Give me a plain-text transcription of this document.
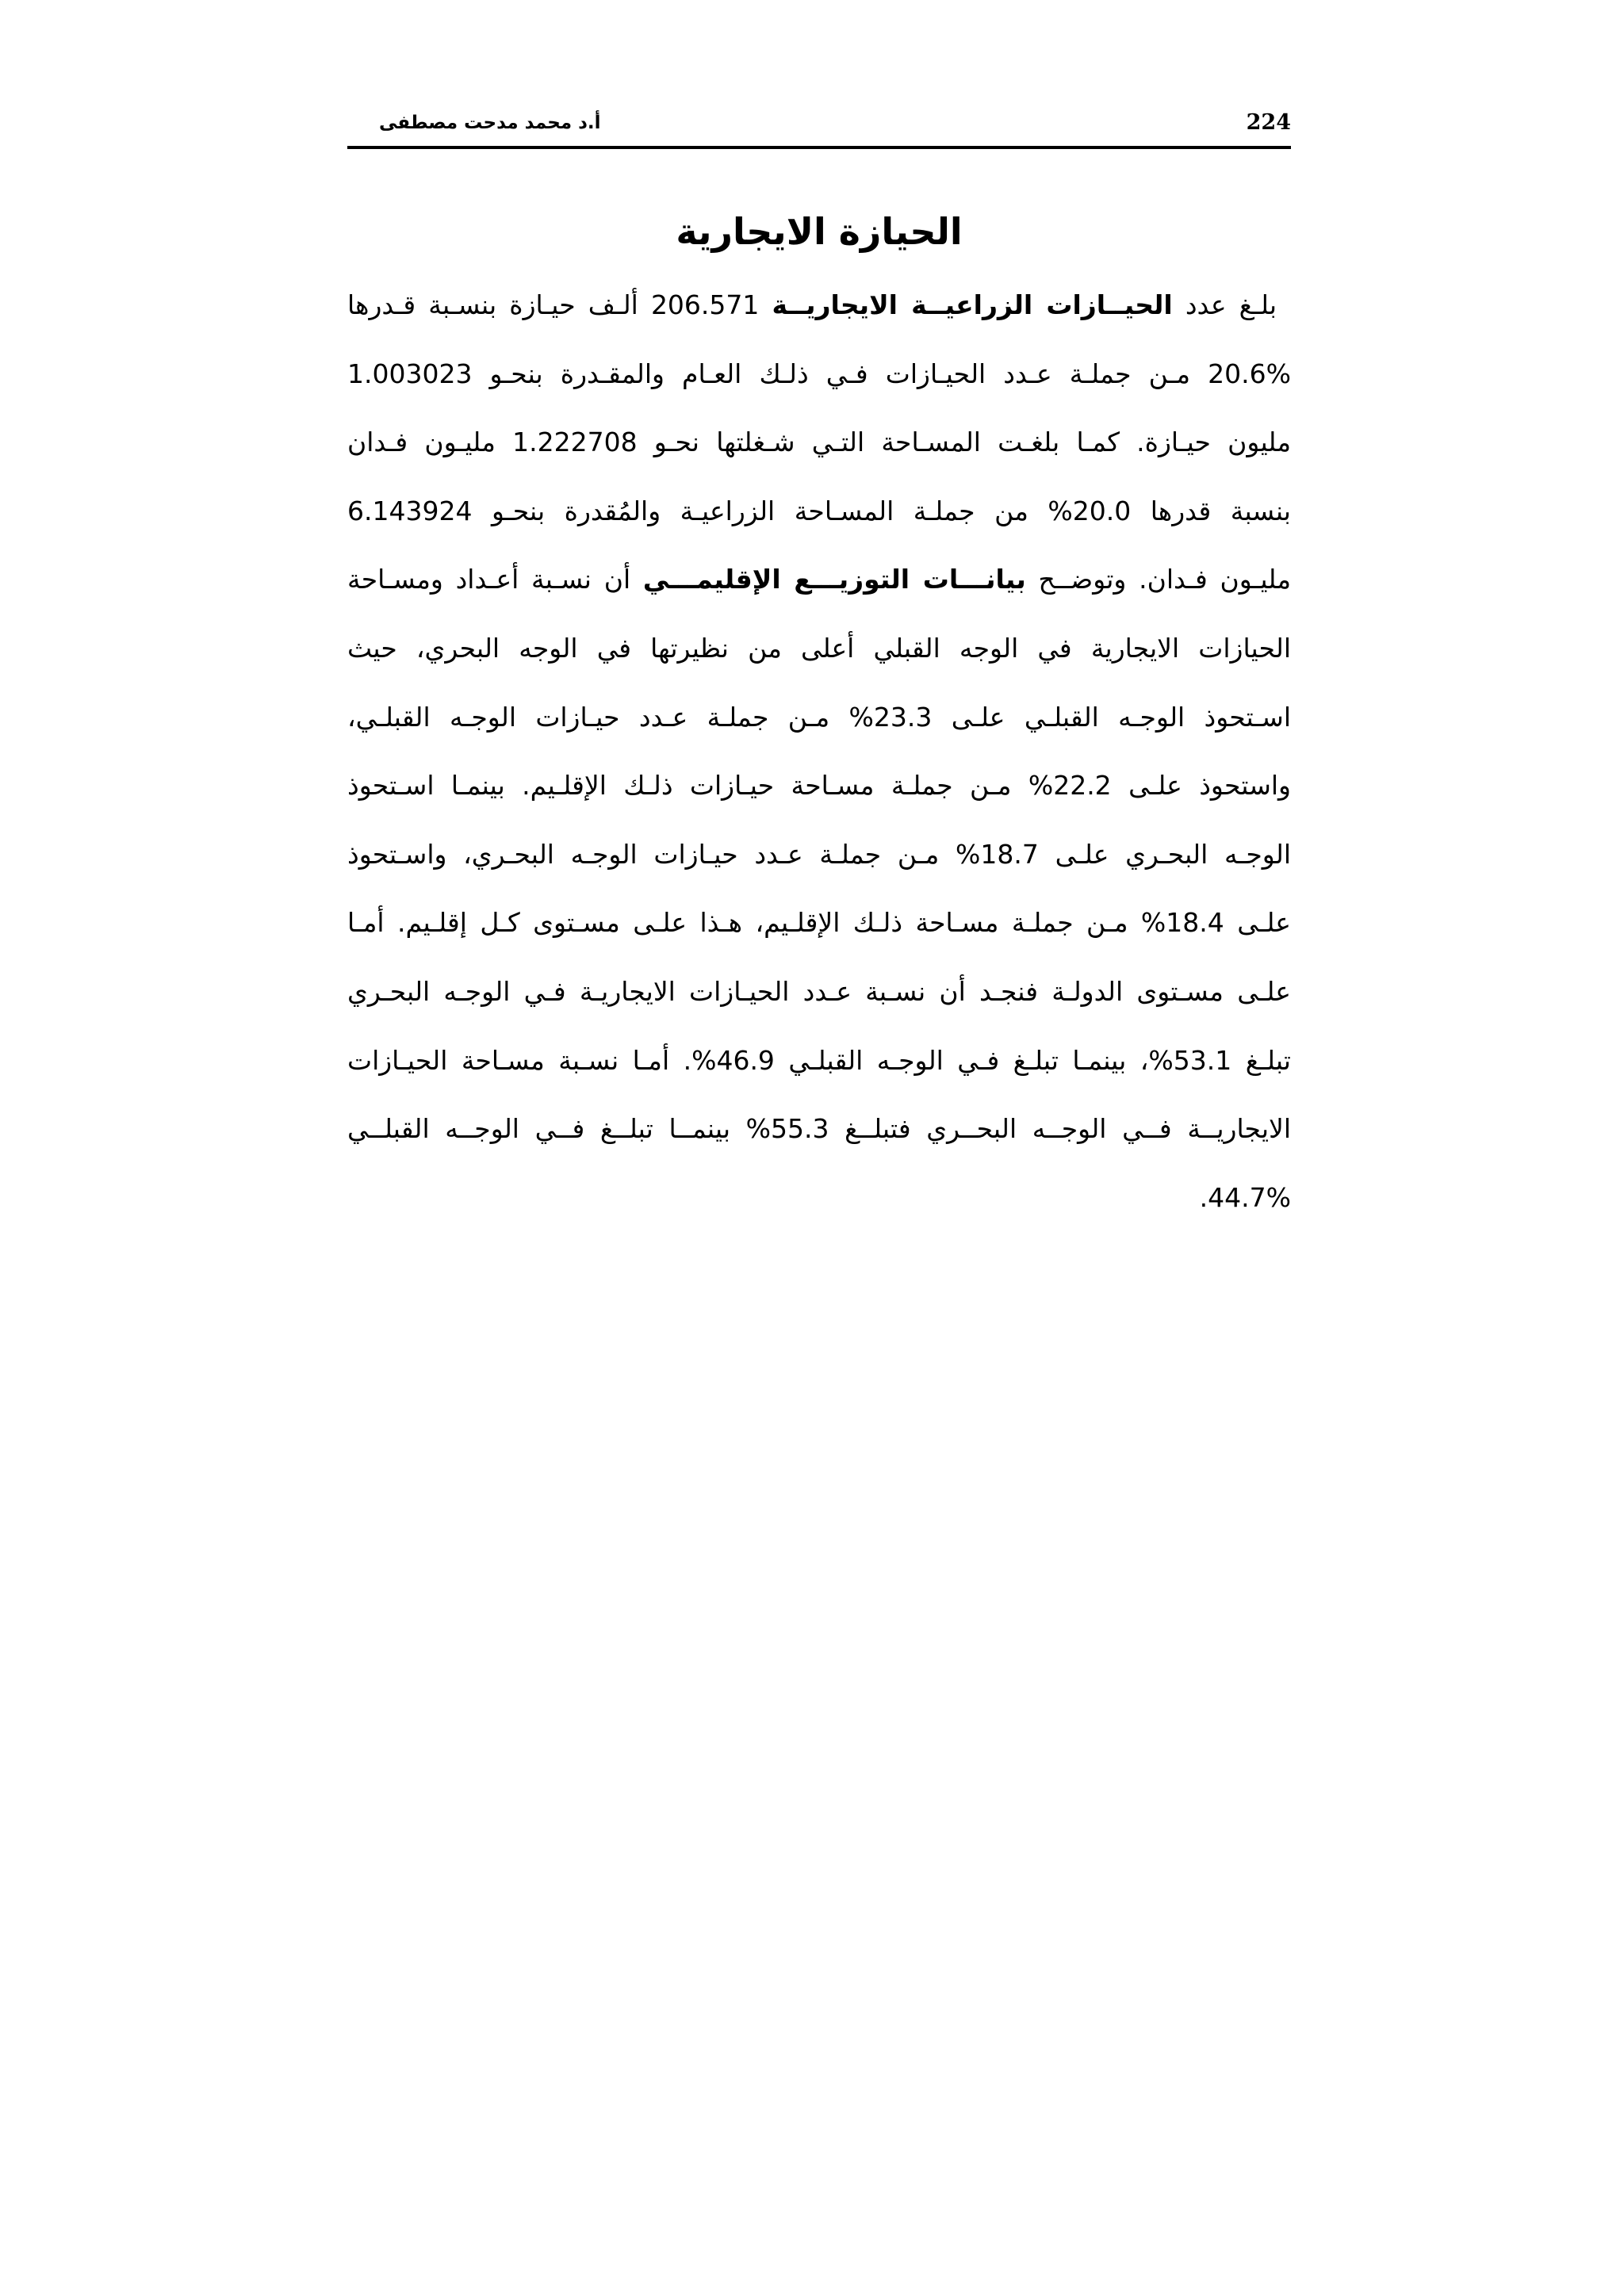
224
أ.د محمد مدحت مصطفى
الحيازة الايجارية
بلـغ عدد الحيــازات الزراعيــة الايجاريــة 206.571 ألـف حيـازة بنسـبة قـدرها
20.6% مـن جملـة عـدد الحيـازات فـي ذلـك العـام والمقـدرة بنحـو 1.003023
مليون حيـازة. كمـا بلغـت المسـاحة التـي شـغلتها نحـو 1.222708 مليـون فـدان
بنسبة قدرها 20.0% من جملـة المسـاحة الزراعيـة والمُقدرة بنحـو 6.143924
مليـون فـدان. وتوضــح بيانـــات التوزيـــع الإقليمـــي أن نسـبة أعـداد ومسـاحة
الحيازات الايجارية في الوجه القبلي أعلى من نظيرتها في الوجه البحري، حيث
اسـتحوذ الوجـه القبلـي علـى 23.3% مـن جملـة عـدد حيـازات الوجـه القبلـي،
واستحوذ علـى 22.2% مـن جملـة مسـاحة حيـازات ذلـك الإقلـيم. بينمـا اسـتحوذ
الوجـه البحـري علـى 18.7% مـن جملـة عـدد حيـازات الوجـه البحـري، واسـتحوذ
علـى 18.4% مـن جملـة مسـاحة ذلـك الإقلـيم، هـذا علـى مسـتوى كـل إقلـيم. أمـا
علـى مسـتوى الدولـة فنجـد أن نسـبة عـدد الحيـازات الايجاريـة فـي الوجـه البحـري
تبلـغ 53.1%، بينمـا تبلـغ فـي الوجـه القبلـي 46.9%. أمـا نسـبة مسـاحة الحيـازات
الايجاريــة فــي الوجــه البحــري فتبلــغ 55.3% بينمــا تبلــغ فــي الوجــه القبلــي
44.7%.
